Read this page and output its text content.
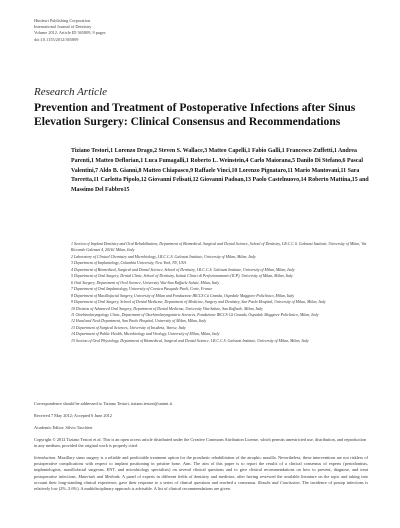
Hindawi Publishing Corporation
International Journal of Dentistry
Volume 2012, Article ID 365809, 9 pages
doi:10.1155/2012/365809
Research Article
Prevention and Treatment of Postoperative Infections after Sinus Elevation Surgery: Clinical Consensus and Recommendations
Tiziano Testori,1 Lorenzo Drago,2 Steven S. Wallace,3 Matteo Capelli,1 Fabio Galli,1 Francesco Zuffetti,1 Andrea Parenti,1 Matteo Deflorian,1 Luca Fumagalli,1 Roberto L. Weinstein,4 Carlo Maiorana,5 Danilo Di Stefano,6 Pascal Valentini,7 Aldo B. Giannì,8 Matteo Chiapasco,9 Raffaele Vinci,10 Lorenzo Pignataro,11 Mario Mantovani,11 Sara Torretta,11 Carlotta Pipolo,12 Giovanni Felisati,12 Giovanni Padoan,13 Paolo Castelnuovo,14 Roberto Mattina,15 and Massimo Del Fabbro15

1 Section of Implant Dentistry and Oral Rehabilitation, Department of Biomedical, Surgical and Dental Science, School of Dentistry, I.R.C.C.S. Galeazzi Institute, University of Milan, Via Riccardo Galeazzi 4, 20161 Milan, Italy

2 Laboratory of Clinical Chemistry and Microbiology, I.R.C.C.S. Galeazzi Institute, University of Milan, Milan, Italy

3 Department of Implantology, Columbia University, New York, NY, USA

4 Department of Biomedical, Surgical and Dental Science, School of Dentistry, I.R.C.C.S. Galeazzi Institute, University of Milan, Milan, Italy

5 Department of Oral Surgery, Dental Clinic, School of Dentistry, Istituti Clinici di Perfezionamento (ICP), University of Milan, Milan, Italy

6 Oral Surgery, Department of Oral Science, University Vita-San Raffaele Salute, Milan, Italy

7 Department of Oral Implantology, University of Corsica Pasquale Paoli, Corte, France

8 Department of Maxillofacial Surgery, University of Milan and Fondazione IRCCS Cà Granda, Ospedale Maggiore Policlinico, Milan, Italy

9 Department of Oral Surgery, School of Dental Medicine, Department of Medicine, Surgery and Dentistry, San Paolo Hospital, University of Milan, Milan, Italy

10 Division of Advanced Oral Surgery, Department of Dental Medicine, University Vita-Salute, San Raffaele, Milan, Italy

11 Otorhinolaryngology Clinic, Department of Otorhinolaryngoiatric Sciences, Fondazione IRCCS Cà Granda, Ospedale Maggiore Policlinico, Milan, Italy

12 Head and Neck Department, San Paolo Hospital, University of Milan, Milan, Italy

13 Department of Surgical Sciences, University of Insubria, Varese, Italy

14 Department of Public Health, Microbiology and Virology, University of Milan, Milan, Italy

15 Section of Oral Physiology, Department of Biomedical, Surgical and Dental Science, I.R.C.C.S. Galeazzi Institute, University of Milan, Milan, Italy

Correspondence should be addressed to Tiziano Testori, tiziano.testori@unimi.it
Received 7 May 2012; Accepted 6 June 2012
Academic Editor: Silvio Taschieri
Copyright © 2012 Tiziano Testori et al. This is an open access article distributed under the Creative Commons Attribution License, which permits unrestricted use, distribution, and reproduction in any medium, provided the original work is properly cited.
Introduction. Maxillary sinus surgery is a reliable and predictable treatment option for the prosthetic rehabilitation of the atrophic maxilla. Nevertheless, these interventions are not riskless of postoperative complications with respect to implant positioning in pristine bone. Aim. The aim of this paper is to report the results of a clinical consensus of experts (periodontists, implantologists, maxillofacial surgeons, ENT, and microbiology specialists) on several clinical questions and to give clinical recommendations on how to prevent, diagnose, and treat postoperative infections. Materials and Methods. A panel of experts in different fields of dentistry and medicine, after having reviewed the available literature on the topic and taking into account their long-standing clinical experience, gave their response to a series of clinical questions and reached a consensus. Results and Conclusion. The incidence of postop infections is relatively low (2%–5.6%). A multidisciplinary approach is advisable. A list of clinical recommendations are given.
